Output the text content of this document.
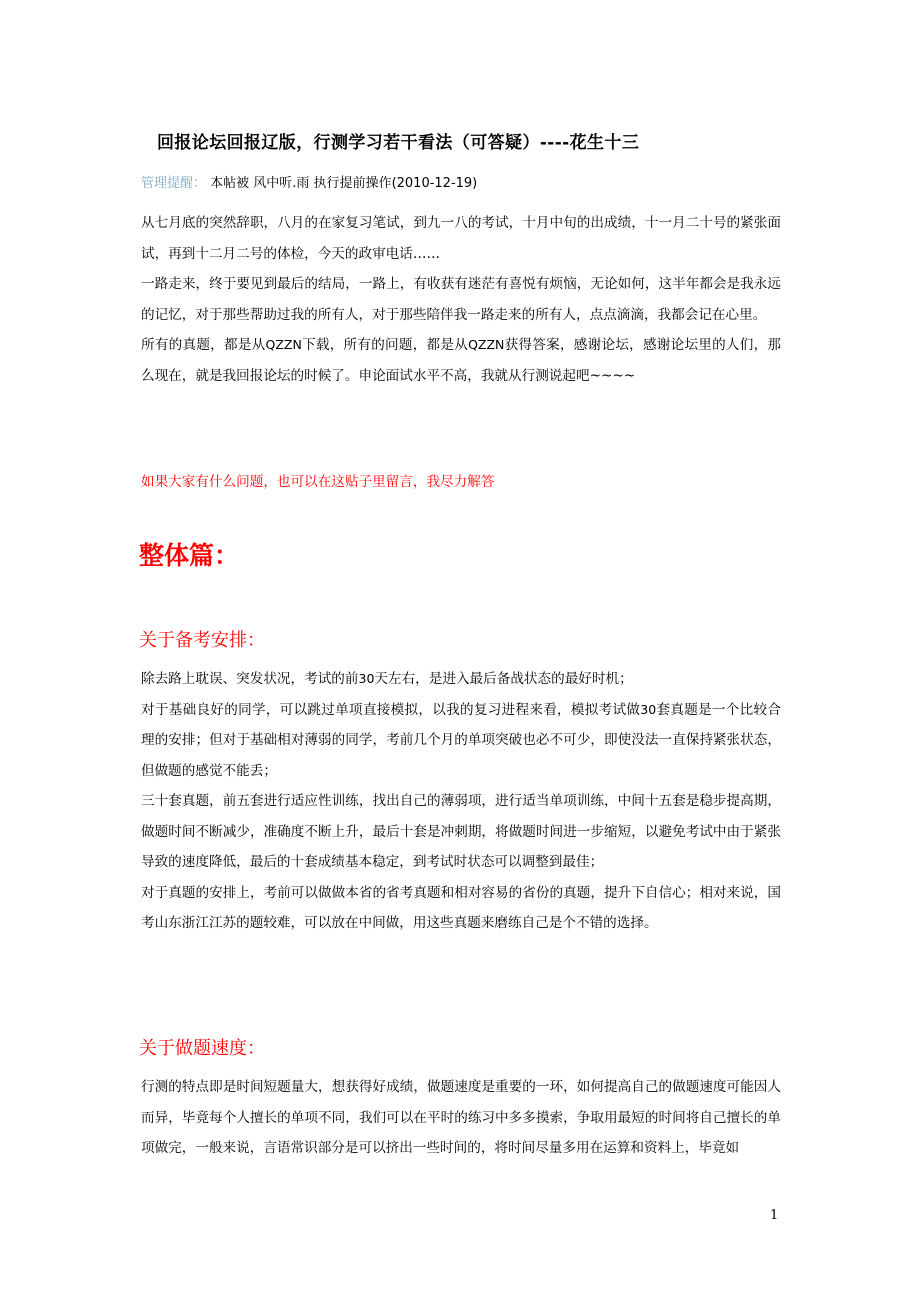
回报论坛回报辽版，行测学习若干看法（可答疑）----花生十三
管理提醒： 本帖被 风中听.雨 执行提前操作(2010-12-19)

从七月底的突然辞职，八月的在家复习笔试，到九一八的考试，十月中旬的出成绩，十一月二十号的紧张面试，再到十二月二号的体检，今天的政审电话……

一路走来，终于要见到最后的结局，一路上，有收获有迷茫有喜悦有烦恼，无论如何，这半年都会是我永远的记忆，对于那些帮助过我的所有人，对于那些陪伴我一路走来的所有人，点点滴滴，我都会记在心里。

所有的真题，都是从QZZN下载，所有的问题，都是从QZZN获得答案，感谢论坛，感谢论坛里的人们，那么现在，就是我回报论坛的时候了。申论面试水平不高，我就从行测说起吧~~~~

如果大家有什么问题，也可以在这贴子里留言，我尽力解答
整体篇：
关于备考安排：

除去路上耽误、突发状况，考试的前30天左右，是进入最后备战状态的最好时机；

对于基础良好的同学，可以跳过单项直接模拟，以我的复习进程来看，模拟考试做30套真题是一个比较合理的安排；但对于基础相对薄弱的同学，考前几个月的单项突破也必不可少，即使没法一直保持紧张状态，但做题的感觉不能丢；

三十套真题，前五套进行适应性训练，找出自己的薄弱项，进行适当单项训练，中间十五套是稳步提高期，做题时间不断减少，准确度不断上升，最后十套是冲刺期，将做题时间进一步缩短，以避免考试中由于紧张导致的速度降低，最后的十套成绩基本稳定，到考试时状态可以调整到最佳；

对于真题的安排上，考前可以做做本省的省考真题和相对容易的省份的真题，提升下自信心；相对来说，国考山东浙江江苏的题较难，可以放在中间做，用这些真题来磨练自己是个不错的选择。

关于做题速度：

行测的特点即是时间短题量大，想获得好成绩，做题速度是重要的一环，如何提高自己的做题速度可能因人而异，毕竟每个人擅长的单项不同，我们可以在平时的练习中多多摸索，争取用最短的时间将自己擅长的单项做完，一般来说，言语常识部分是可以挤出一些时间的，将时间尽量多用在运算和资料上，毕竟如

1
